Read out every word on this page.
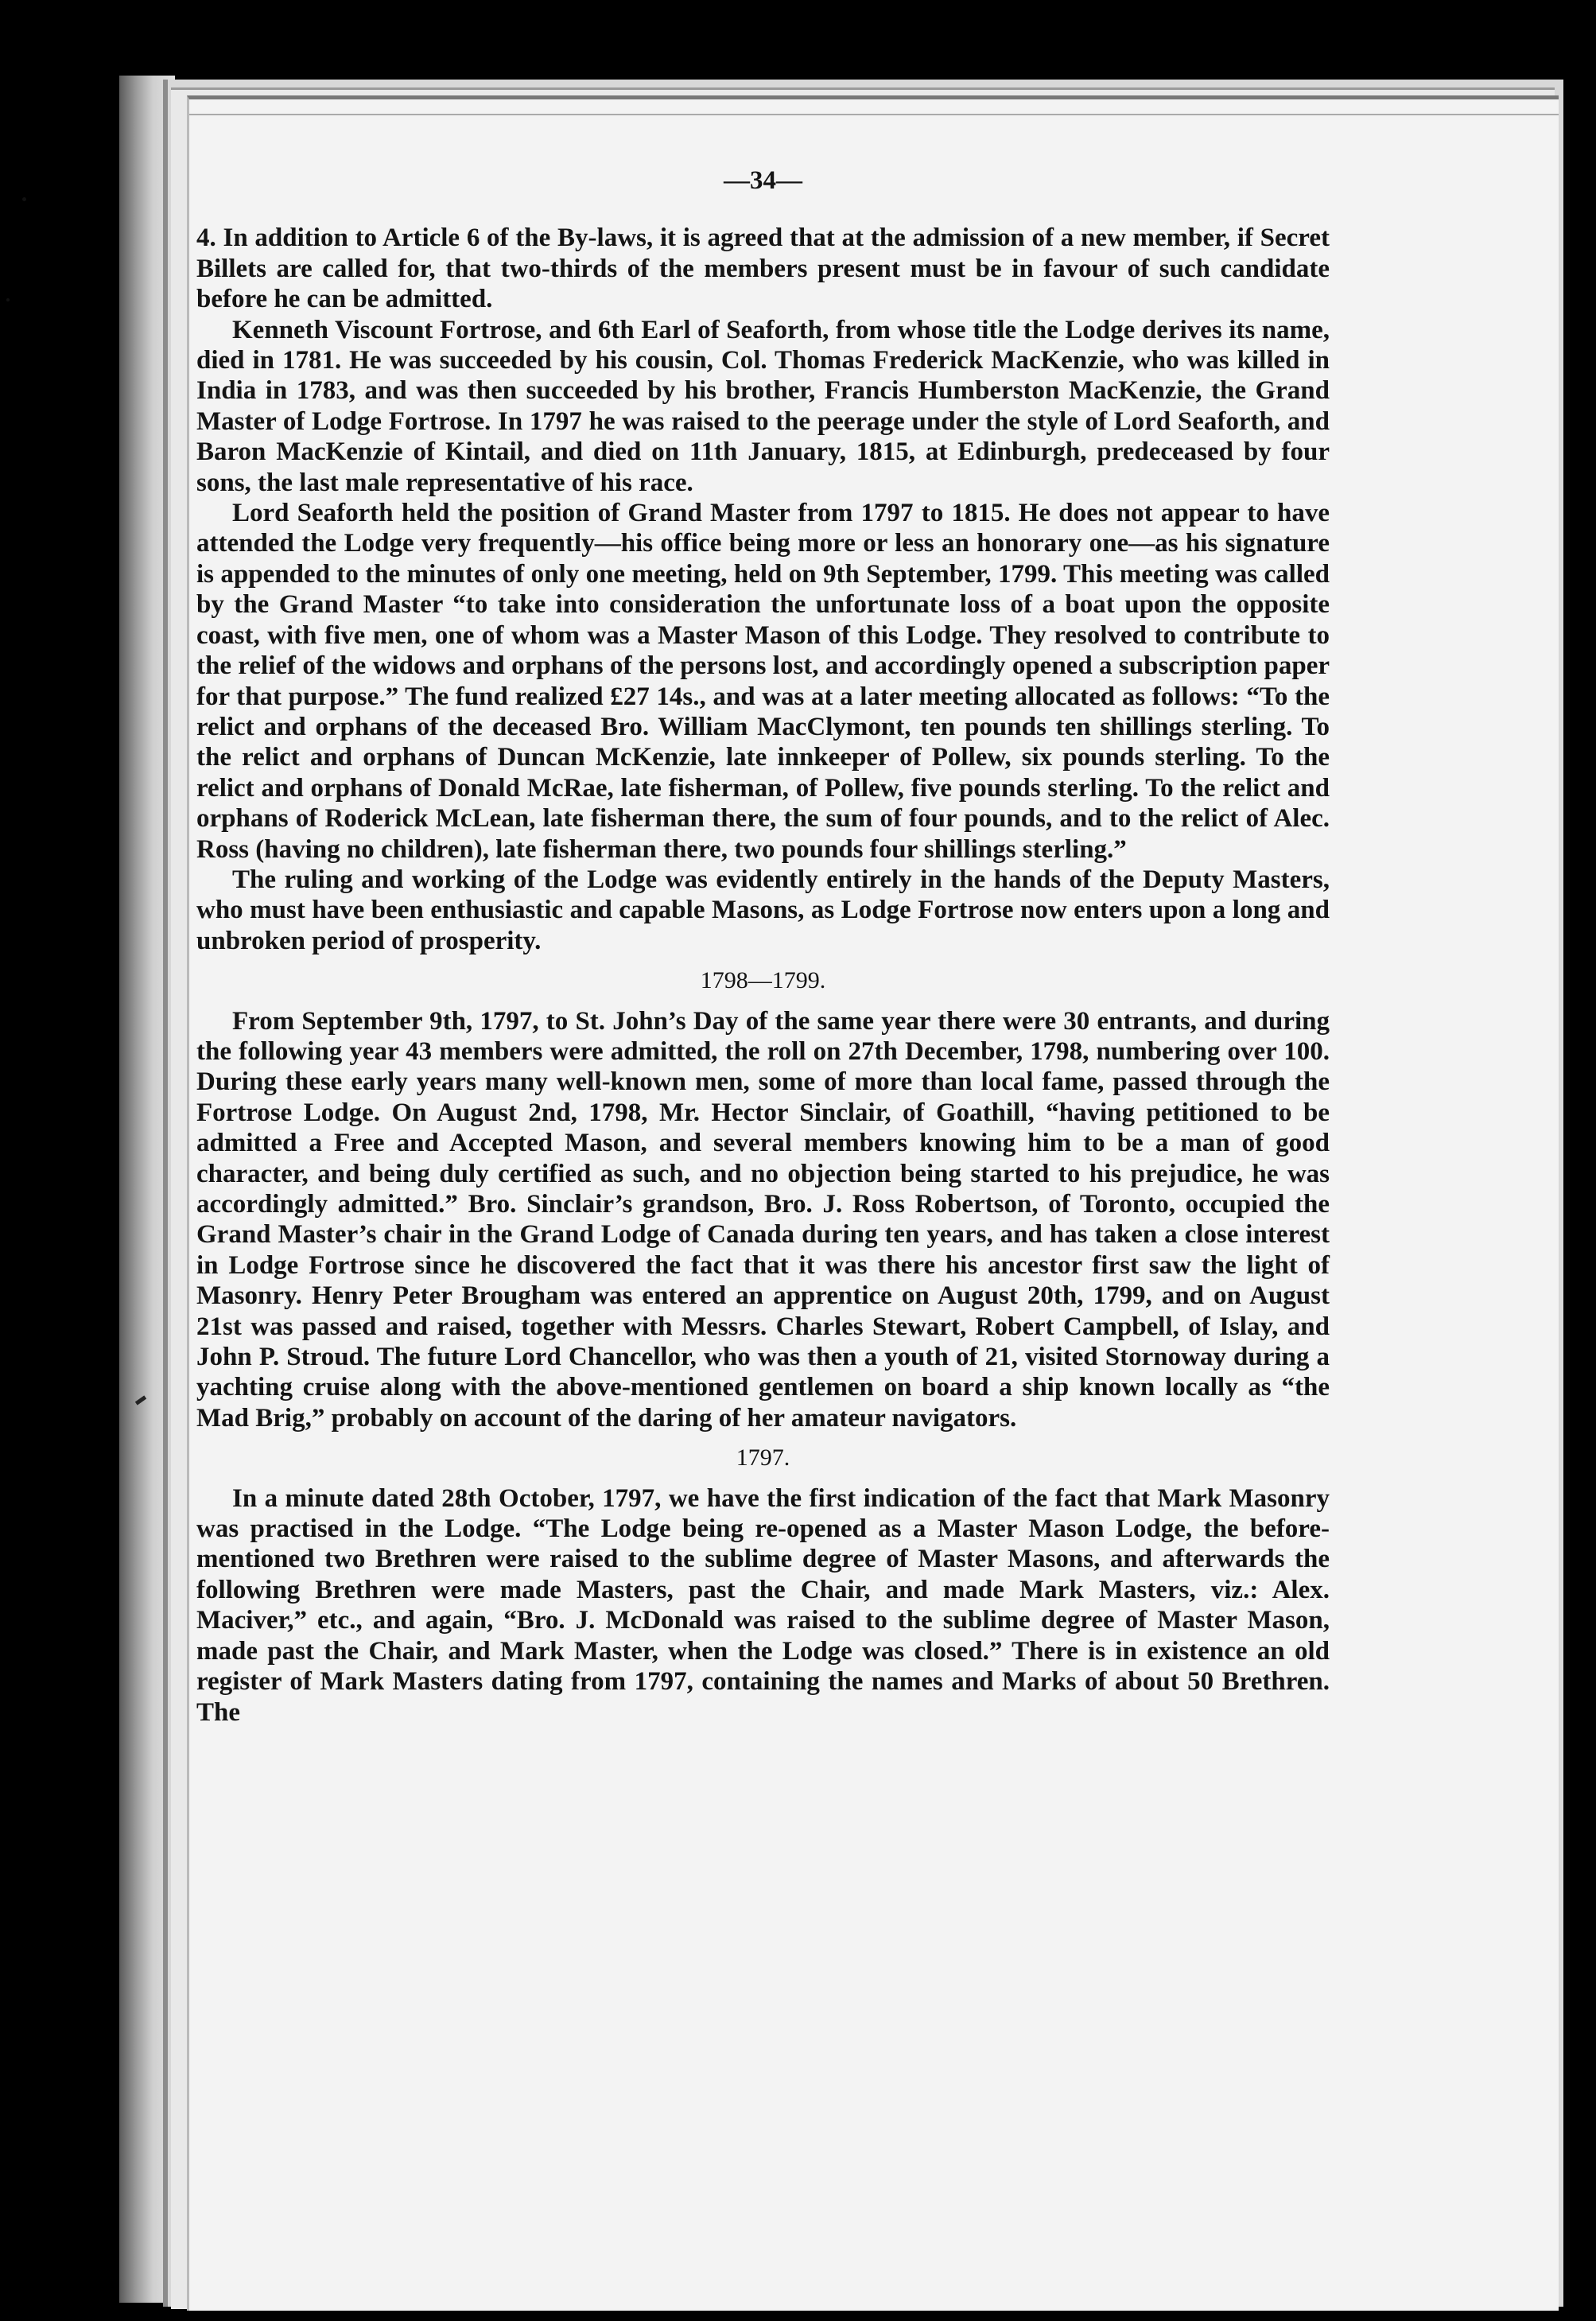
—34—

4. In addition to Article 6 of the By-laws, it is agreed that at the admission of a new member, if Secret Billets are called for, that two-thirds of the members present must be in favour of such candidate before he can be admitted.

Kenneth Viscount Fortrose, and 6th Earl of Seaforth, from whose title the Lodge derives its name, died in 1781. He was succeeded by his cousin, Col. Thomas Frederick MacKenzie, who was killed in India in 1783, and was then succeeded by his brother, Francis Humberston MacKenzie, the Grand Master of Lodge Fortrose. In 1797 he was raised to the peerage under the style of Lord Seaforth, and Baron MacKenzie of Kintail, and died on 11th January, 1815, at Edinburgh, predeceased by four sons, the last male representative of his race.

Lord Seaforth held the position of Grand Master from 1797 to 1815. He does not appear to have attended the Lodge very frequently—his office being more or less an honorary one—as his signature is appended to the minutes of only one meeting, held on 9th September, 1799. This meeting was called by the Grand Master “to take into consideration the unfortunate loss of a boat upon the opposite coast, with five men, one of whom was a Master Mason of this Lodge. They resolved to contribute to the relief of the widows and orphans of the persons lost, and accordingly opened a subscription paper for that purpose.” The fund realized £27 14s., and was at a later meeting allocated as follows: “To the relict and orphans of the deceased Bro. William MacClymont, ten pounds ten shillings sterling. To the relict and orphans of Duncan McKenzie, late innkeeper of Pollew, six pounds sterling. To the relict and orphans of Donald McRae, late fisherman, of Pollew, five pounds sterling. To the relict and orphans of Roderick McLean, late fisherman there, the sum of four pounds, and to the relict of Alec. Ross (having no children), late fisherman there, two pounds four shillings sterling.”

The ruling and working of the Lodge was evidently entirely in the hands of the Deputy Masters, who must have been enthusiastic and capable Masons, as Lodge Fortrose now enters upon a long and unbroken period of prosperity.

1798—1799.

From September 9th, 1797, to St. John’s Day of the same year there were 30 entrants, and during the following year 43 members were admitted, the roll on 27th December, 1798, numbering over 100. During these early years many well-known men, some of more than local fame, passed through the Fortrose Lodge. On August 2nd, 1798, Mr. Hector Sinclair, of Goathill, “having petitioned to be admitted a Free and Accepted Mason, and several members knowing him to be a man of good character, and being duly certified as such, and no objection being started to his prejudice, he was accordingly admitted.” Bro. Sinclair’s grandson, Bro. J. Ross Robertson, of Toronto, occupied the Grand Master’s chair in the Grand Lodge of Canada during ten years, and has taken a close interest in Lodge Fortrose since he discovered the fact that it was there his ancestor first saw the light of Masonry. Henry Peter Brougham was entered an apprentice on August 20th, 1799, and on August 21st was passed and raised, together with Messrs. Charles Stewart, Robert Campbell, of Islay, and John P. Stroud. The future Lord Chancellor, who was then a youth of 21, visited Stornoway during a yachting cruise along with the above-mentioned gentlemen on board a ship known locally as “the Mad Brig,” probably on account of the daring of her amateur navigators.

1797.

In a minute dated 28th October, 1797, we have the first indication of the fact that Mark Masonry was practised in the Lodge. “The Lodge being re-opened as a Master Mason Lodge, the before-mentioned two Brethren were raised to the sublime degree of Master Masons, and afterwards the following Brethren were made Masters, past the Chair, and made Mark Masters, viz.: Alex. Maciver,” etc., and again, “Bro. J. McDonald was raised to the sublime degree of Master Mason, made past the Chair, and Mark Master, when the Lodge was closed.” There is in existence an old register of Mark Masters dating from 1797, containing the names and Marks of about 50 Brethren. The
